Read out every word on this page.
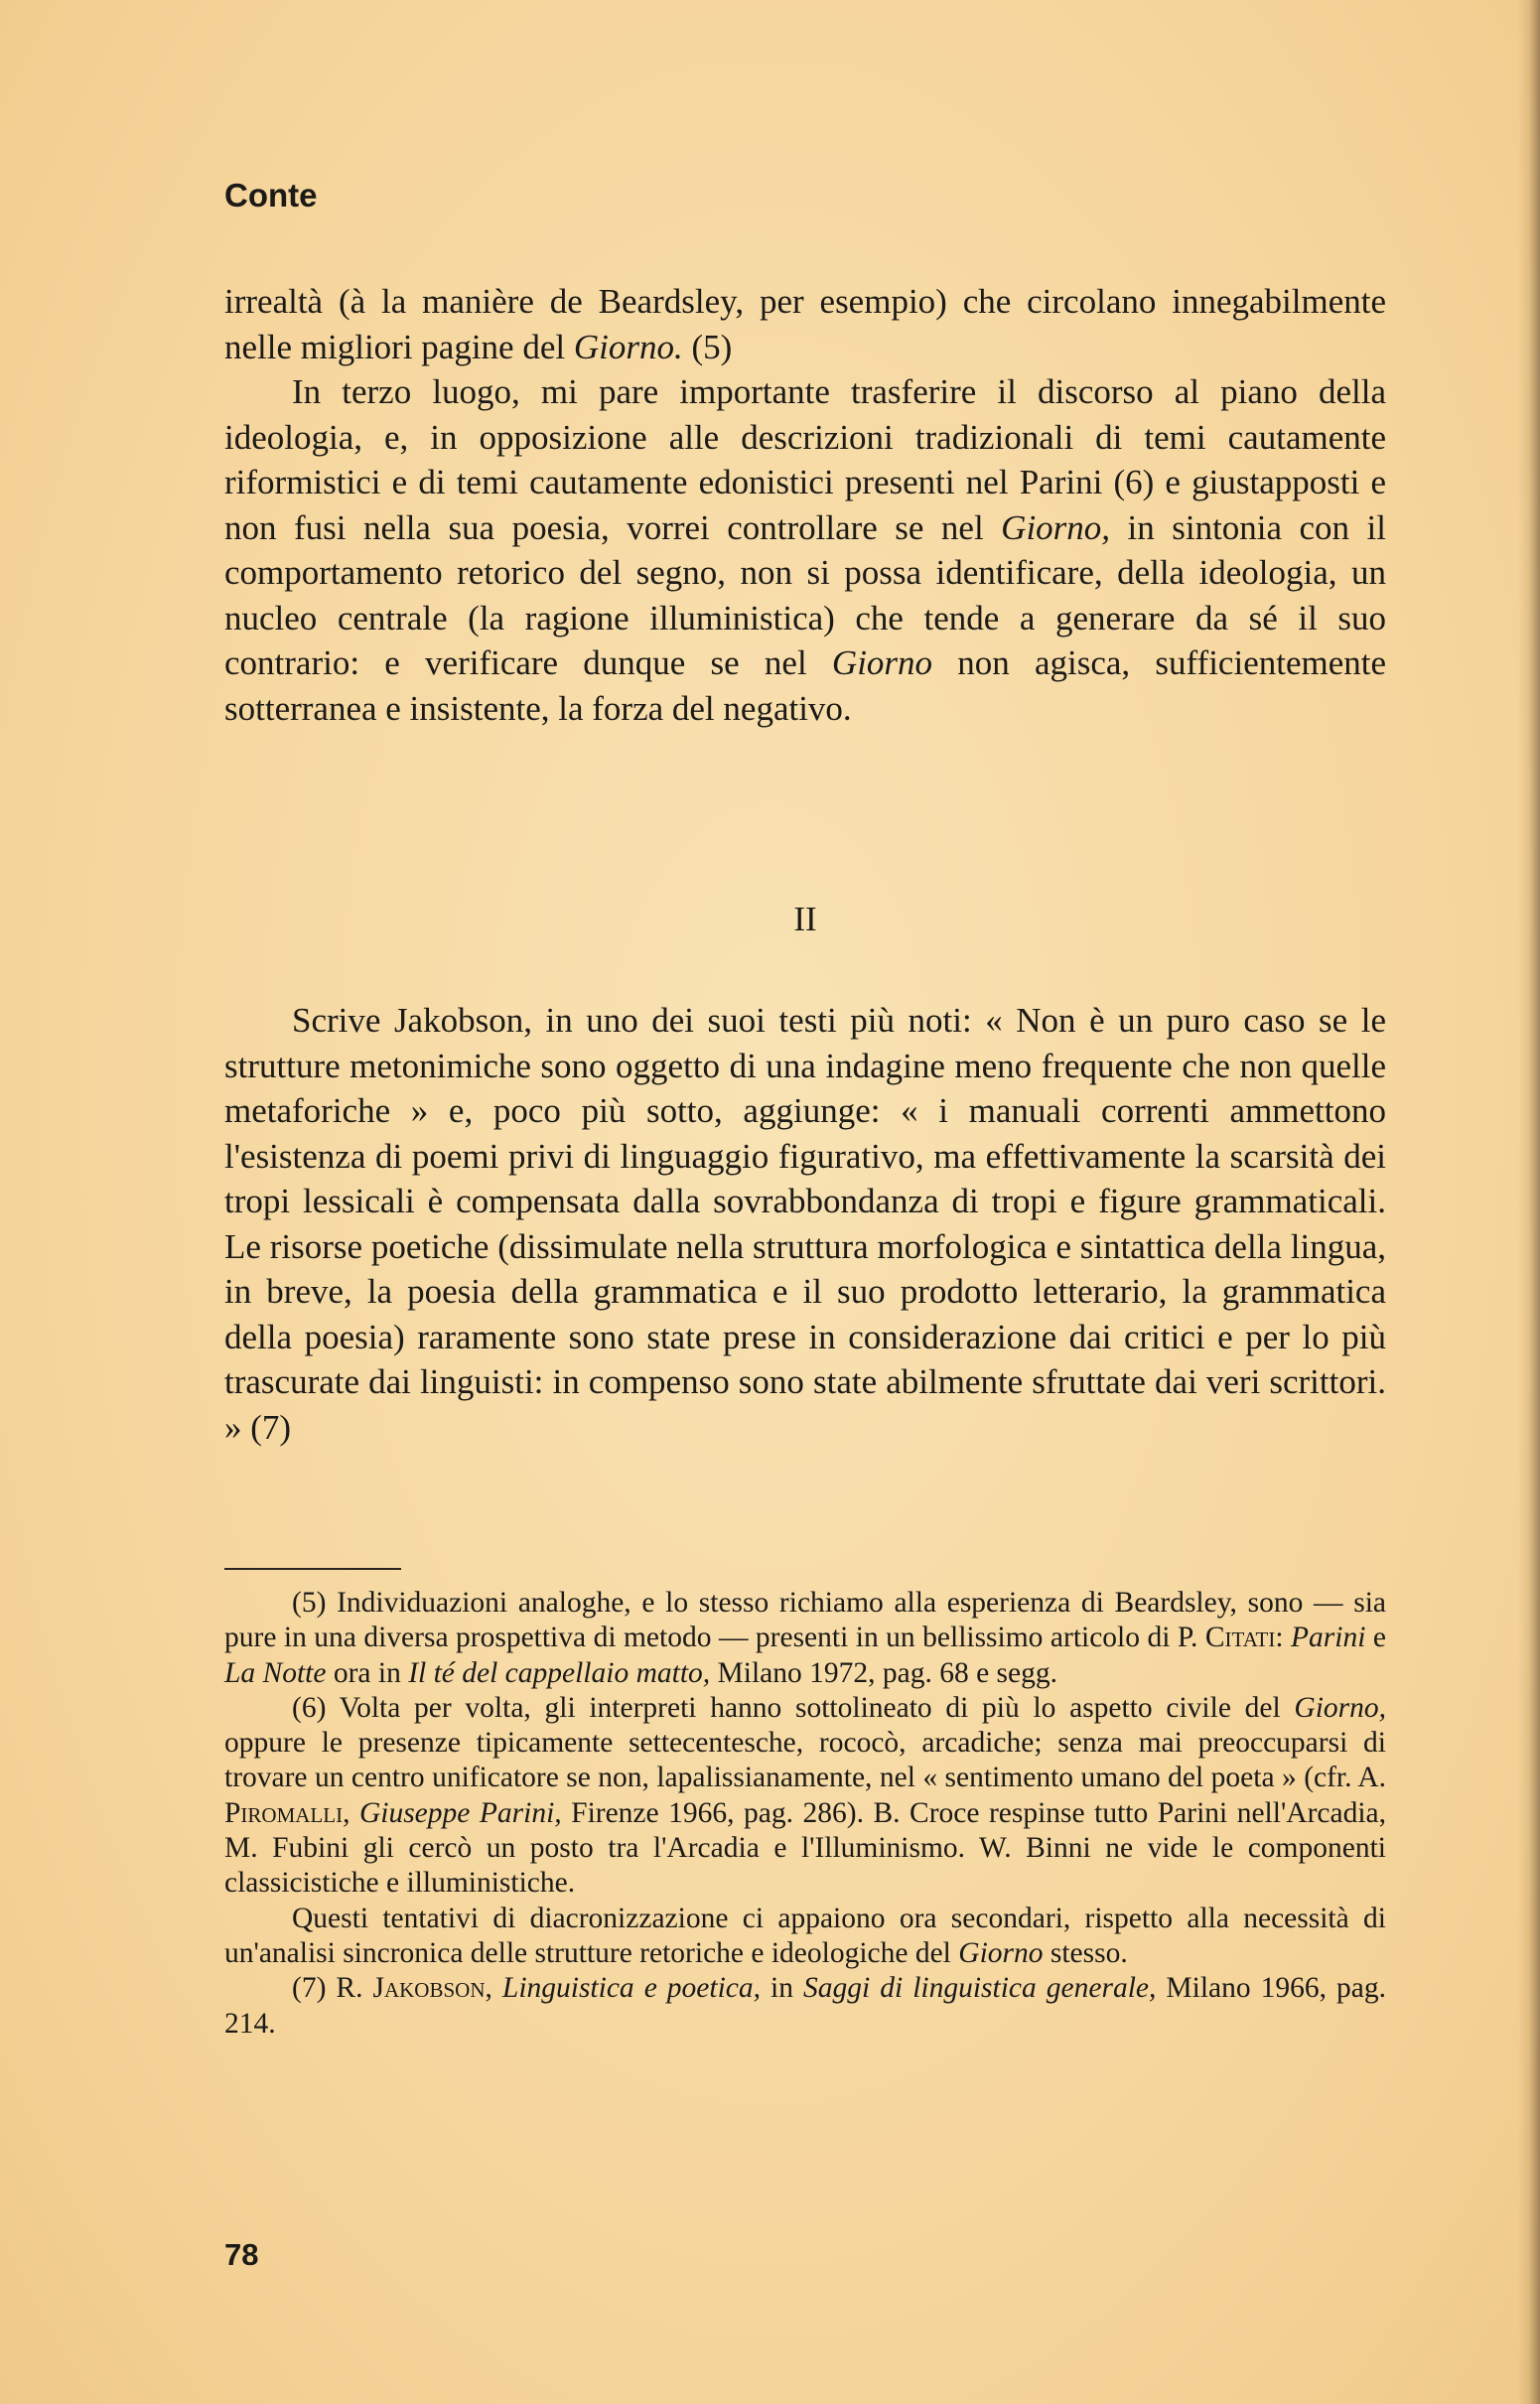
Conte

irrealtà (à la manière de Beardsley, per esempio) che circolano innegabilmente nelle migliori pagine del Giorno. (5)

In terzo luogo, mi pare importante trasferire il discorso al piano della ideologia, e, in opposizione alle descrizioni tradizionali di temi cautamente riformistici e di temi cautamente edonistici presenti nel Parini (6) e giustapposti e non fusi nella sua poesia, vorrei controllare se nel Giorno, in sintonia con il comportamento retorico del segno, non si possa identificare, della ideologia, un nucleo centrale (la ragione illuministica) che tende a generare da sé il suo contrario: e verificare dunque se nel Giorno non agisca, sufficientemente sotterranea e insistente, la forza del negativo.

II

Scrive Jakobson, in uno dei suoi testi più noti: « Non è un puro caso se le strutture metonimiche sono oggetto di una indagine meno frequente che non quelle metaforiche » e, poco più sotto, aggiunge: « i manuali correnti ammettono l'esistenza di poemi privi di linguaggio figurativo, ma effettivamente la scarsità dei tropi lessicali è compensata dalla sovrabbondanza di tropi e figure grammaticali. Le risorse poetiche (dissimulate nella struttura morfologica e sintattica della lingua, in breve, la poesia della grammatica e il suo prodotto letterario, la grammatica della poesia) raramente sono state prese in considerazione dai critici e per lo più trascurate dai linguisti: in compenso sono state abilmente sfruttate dai veri scrittori. » (7)

(5) Individuazioni analoghe, e lo stesso richiamo alla esperienza di Beardsley, sono — sia pure in una diversa prospettiva di metodo — presenti in un bellissimo articolo di P. Citati: Parini e La Notte ora in Il té del cappellaio matto, Milano 1972, pag. 68 e segg.

(6) Volta per volta, gli interpreti hanno sottolineato di più lo aspetto civile del Giorno, oppure le presenze tipicamente settecentesche, rococò, arcadiche; senza mai preoccuparsi di trovare un centro unificatore se non, lapalissianamente, nel « sentimento umano del poeta » (cfr. A. Piromalli, Giuseppe Parini, Firenze 1966, pag. 286). B. Croce respinse tutto Parini nell'Arcadia, M. Fubini gli cercò un posto tra l'Arcadia e l'Illuminismo. W. Binni ne vide le componenti classicistiche e illuministiche.

Questi tentativi di diacronizzazione ci appaiono ora secondari, rispetto alla necessità di un'analisi sincronica delle strutture retoriche e ideologiche del Giorno stesso.

(7) R. Jakobson, Linguistica e poetica, in Saggi di linguistica generale, Milano 1966, pag. 214.

78
